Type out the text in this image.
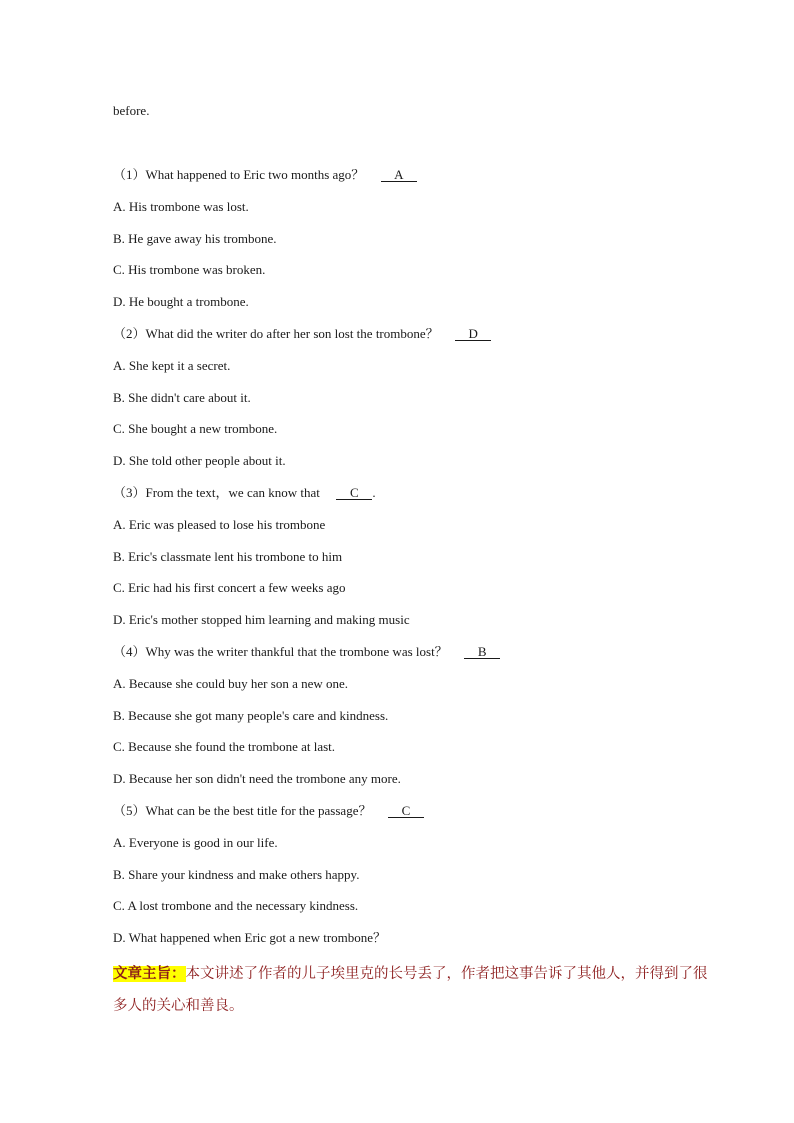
before.
（1）What happened to Eric two months ago？ A
A. His trombone was lost.
B. He gave away his trombone.
C. His trombone was broken.
D. He bought a trombone.
（2）What did the writer do after her son lost the trombone？ D
A. She kept it a secret.
B. She didn't care about it.
C. She bought a new trombone.
D. She told other people about it.
（3）From the text，we can know that C .
A. Eric was pleased to lose his trombone
B. Eric's classmate lent his trombone to him
C. Eric had his first concert a few weeks ago
D. Eric's mother stopped him learning and making music
（4）Why was the writer thankful that the trombone was lost？ B
A. Because she could buy her son a new one.
B. Because she got many people's care and kindness.
C. Because she found the trombone at last.
D. Because her son didn't need the trombone any more.
（5）What can be the best title for the passage？ C
A. Everyone is good in our life.
B. Share your kindness and make others happy.
C. A lost trombone and the necessary kindness.
D. What happened when Eric got a new trombone？
文章主旨：本文讲述了作者的儿子埃里克的长号丢了，作者把这事告诉了其他人，并得到了很多人的关心和善良。
